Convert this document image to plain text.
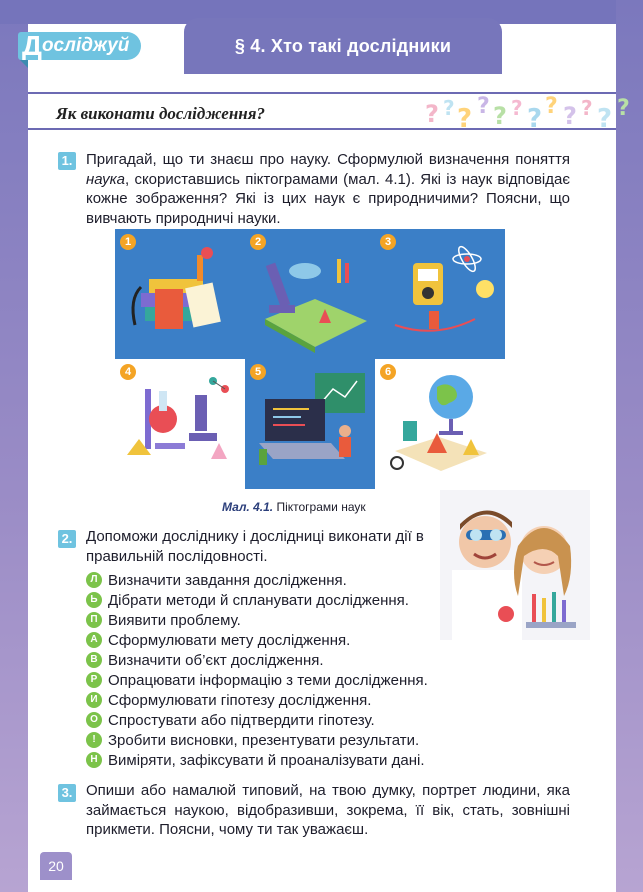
§ 4. Хто такі дослідники
Д осліджуй
Як виконати дослідження?	? ? ? ? ? ? ? ? ? ? ? ?
1. Пригадай, що ти знаєш про науку. Сформулюй визначення поняття наука, скориставшись піктограмами (мал. 4.1). Які із наук відповідає кожне зображення? Які із цих наук є природничими? Поясни, що вивчають природничі науки.
1	2	3
4	5	6
Мал. 4.1. Піктограми наук
2. Допоможи досліднику і дослідниці виконати дії в правильній послідовності.
Л Визначити завдання дослідження.
Ь Дібрати методи й спланувати дослідження.
П Виявити проблему.
А Сформулювати мету дослідження.
В Визначити об’єкт дослідження.
Р Опрацювати інформацію з теми дослідження.
И Сформулювати гіпотезу дослідження.
О Спростувати або підтвердити гіпотезу.
! Зробити висновки, презентувати результати.
Н Виміряти, зафіксувати й проаналізувати дані.
3. Опиши або намалюй типовий, на твою думку, портрет людини, яка займається наукою, відобразивши, зокрема, її вік, стать, зовнішні прикмети. Поясни, чому ти так уважаєш.
20
